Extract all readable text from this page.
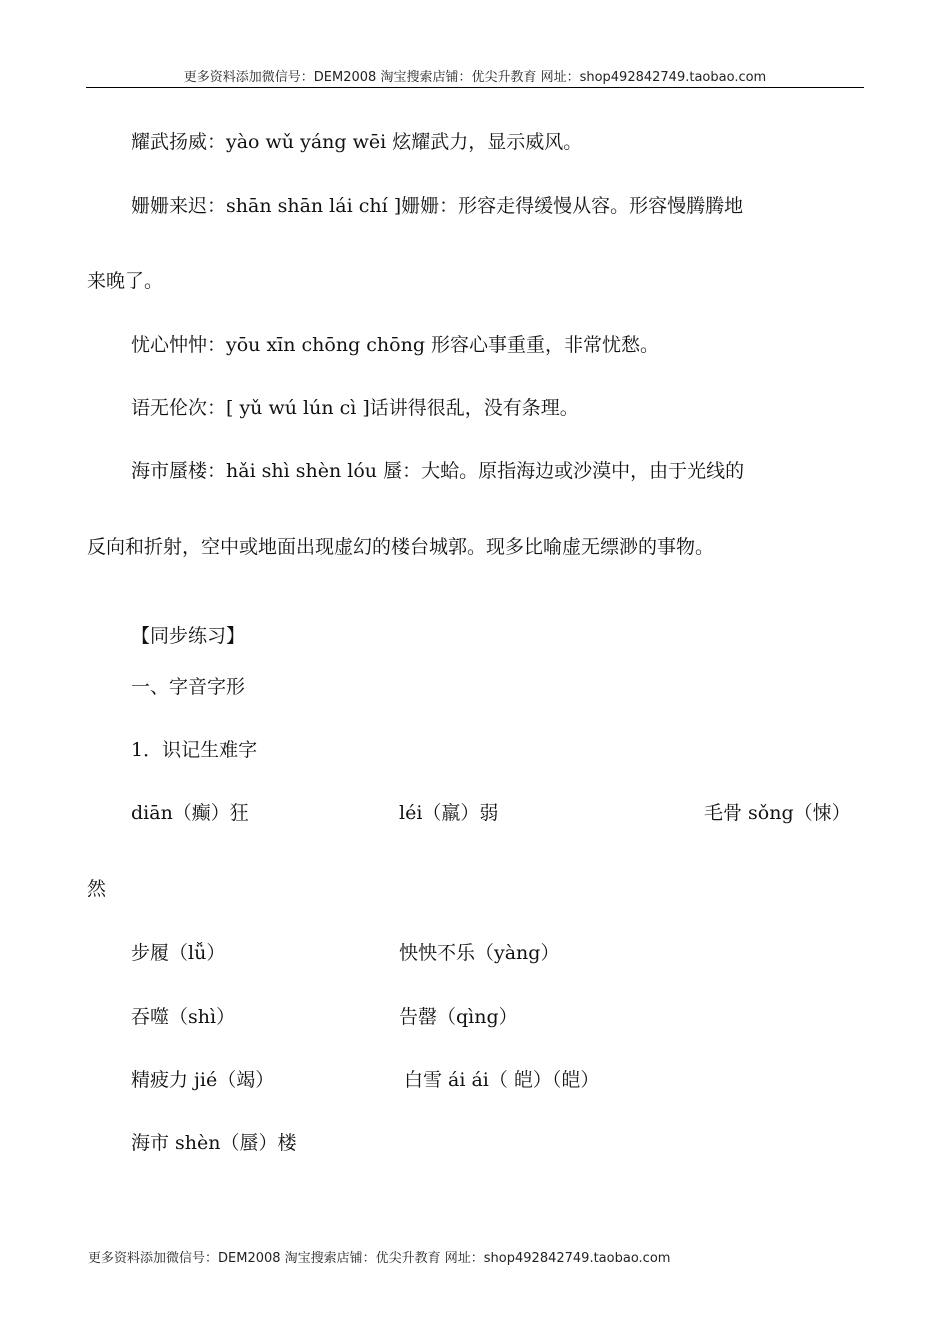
更多资料添加微信号：DEM2008 淘宝搜索店铺：优尖升教育 网址：shop492842749.taobao.com
耀武扬威：yào wǔ yáng wēi 炫耀武力，显示威风。
姗姗来迟：shān shān lái chí ]姗姗：形容走得缓慢从容。形容慢腾腾地
来晚了。
忧心忡忡：yōu xīn chōng chōng 形容心事重重，非常忧愁。
语无伦次：[ yǔ wú lún cì ]话讲得很乱，没有条理。
海市蜃楼：hǎi shì shèn lóu 蜃：大蛤。原指海边或沙漠中，由于光线的
反向和折射，空中或地面出现虚幻的楼台城郭。现多比喻虚无缥渺的事物。
【同步练习】
一、字音字形
1．识记生难字
diān（癫）狂	léi（羸）弱	毛骨 sǒng（悚）
然
步履（lǚ）	怏怏不乐（yàng）
吞噬（shì）	告罄（qìng）
精疲力 jié（竭）	白雪 ái ái（ 皑）（皑）
海市 shèn（蜃）楼
更多资料添加微信号：DEM2008 淘宝搜索店铺：优尖升教育 网址：shop492842749.taobao.com
